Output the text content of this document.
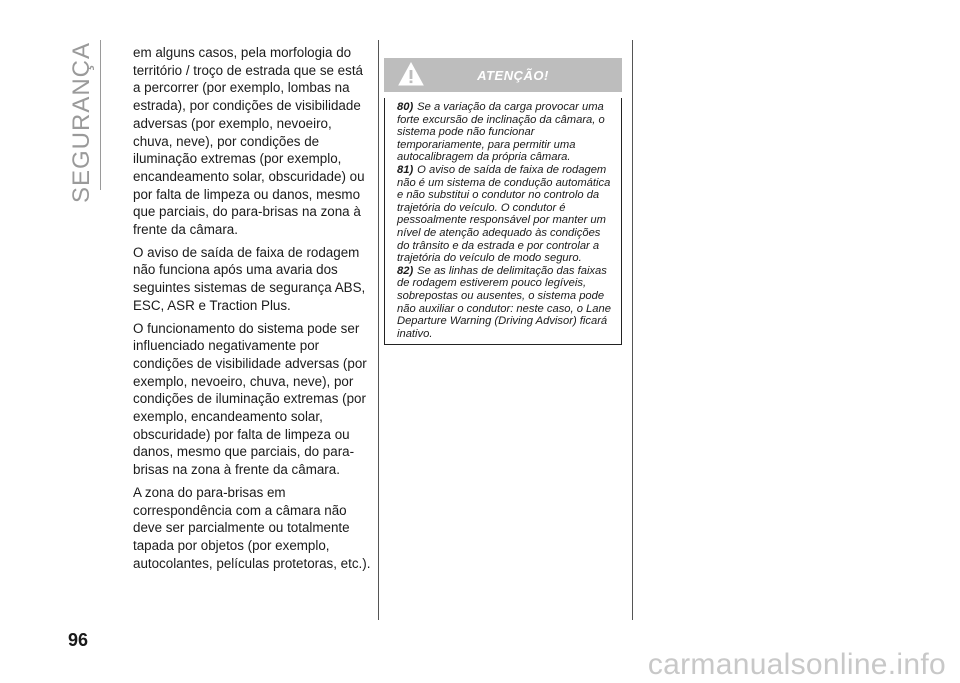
SEGURANÇA	em alguns casos, pela morfologia do território / troço de estrada que se está a percorrer (por exemplo, lombas na estrada), por condições de visibilidade adversas (por exemplo, nevoeiro, chuva, neve), por condições de iluminação extremas (por exemplo, encandeamento solar, obscuridade) ou por falta de limpeza ou danos, mesmo que parciais, do para-brisas na zona à frente da câmara.

O aviso de saída de faixa de rodagem não funciona após uma avaria dos seguintes sistemas de segurança ABS, ESC, ASR e Traction Plus.

O funcionamento do sistema pode ser influenciado negativamente por condições de visibilidade adversas (por exemplo, nevoeiro, chuva, neve), por condições de iluminação extremas (por exemplo, encandeamento solar, obscuridade) por falta de limpeza ou danos, mesmo que parciais, do para-brisas na zona à frente da câmara.

A zona do para-brisas em correspondência com a câmara não deve ser parcialmente ou totalmente tapada por objetos (por exemplo, autocolantes, películas protetoras, etc.).

ATENÇÃO!

80) Se a variação da carga provocar uma forte excursão de inclinação da câmara, o sistema pode não funcionar temporariamente, para permitir uma autocalibragem da própria câmara.

81) O aviso de saída de faixa de rodagem não é um sistema de condução automática e não substitui o condutor no controlo da trajetória do veículo. O condutor é pessoalmente responsável por manter um nível de atenção adequado às condições do trânsito e da estrada e por controlar a trajetória do veículo de modo seguro.

82) Se as linhas de delimitação das faixas de rodagem estiverem pouco legíveis, sobrepostas ou ausentes, o sistema pode não auxiliar o condutor: neste caso, o Lane Departure Warning (Driving Advisor) ficará inativo.

96
carmanualsonline.info
